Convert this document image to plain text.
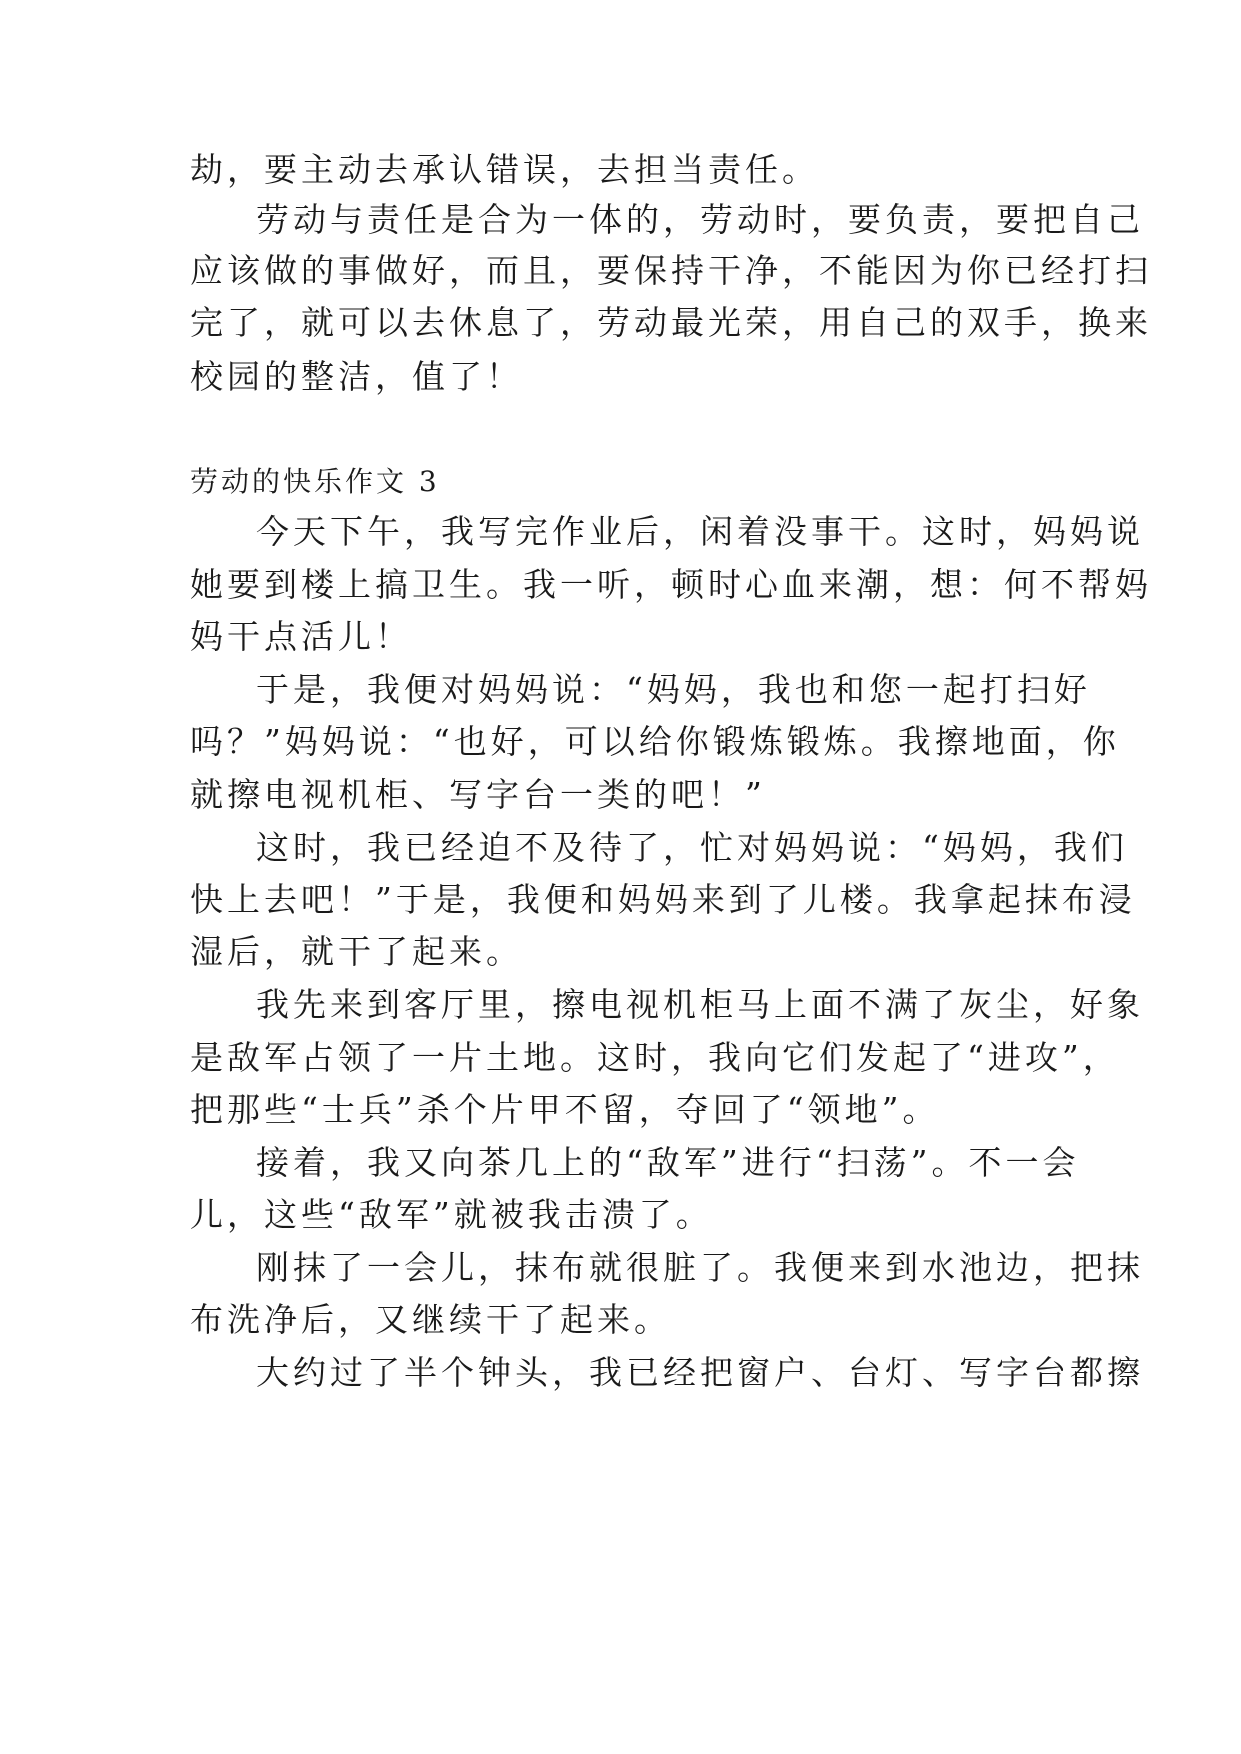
劫，要主动去承认错误，去担当责任。
劳动与责任是合为一体的，劳动时，要负责，要把自己
应该做的事做好，而且，要保持干净，不能因为你已经打扫
完了，就可以去休息了，劳动最光荣，用自己的双手，换来
校园的整洁，值了！
劳动的快乐作文 3
今天下午，我写完作业后，闲着没事干。这时，妈妈说
她要到楼上搞卫生。我一听，顿时心血来潮，想：何不帮妈
妈干点活儿！
于是，我便对妈妈说：“妈妈，我也和您一起打扫好
吗？”妈妈说：“也好，可以给你锻炼锻炼。我擦地面，你
就擦电视机柜、写字台一类的吧！”
这时，我已经迫不及待了，忙对妈妈说：“妈妈，我们
快上去吧！”于是，我便和妈妈来到了儿楼。我拿起抹布浸
湿后，就干了起来。
我先来到客厅里，擦电视机柜马上面不满了灰尘，好象
是敌军占领了一片土地。这时，我向它们发起了“进攻”，
把那些“士兵”杀个片甲不留，夺回了“领地”。
接着，我又向茶几上的“敌军”进行“扫荡”。不一会
儿，这些“敌军”就被我击溃了。
刚抹了一会儿，抹布就很脏了。我便来到水池边，把抹
布洗净后，又继续干了起来。
大约过了半个钟头，我已经把窗户、台灯、写字台都擦
